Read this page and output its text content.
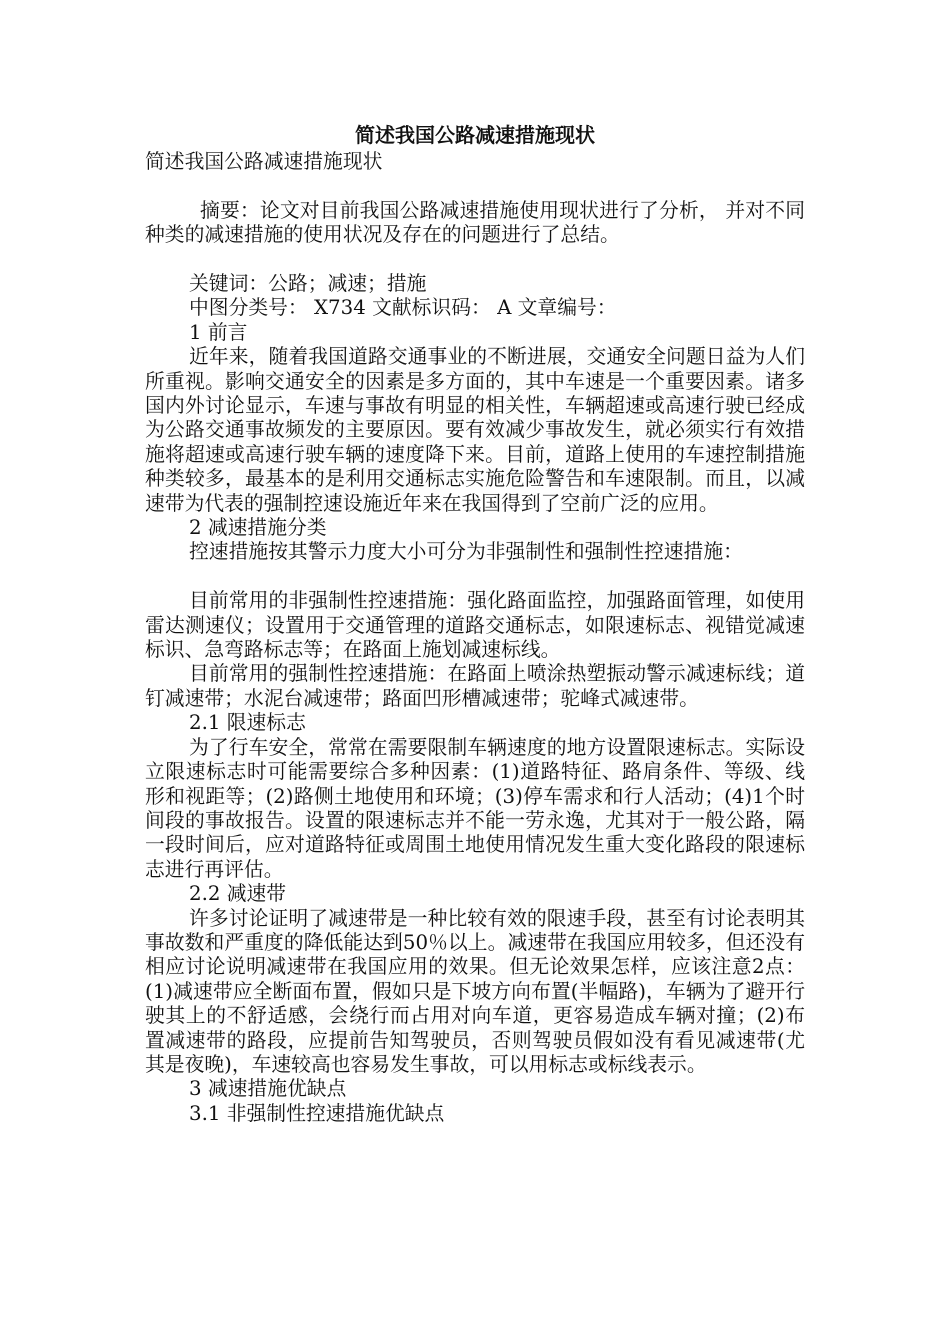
简述我国公路减速措施现状
简述我国公路减速措施现状
摘要：论文对目前我国公路减速措施使用现状进行了分析， 并对不同种类的减速措施的使用状况及存在的问题进行了总结。
关键词：公路；减速；措施
中图分类号： X734 文献标识码： A 文章编号：
1 前言
近年来，随着我国道路交通事业的不断进展，交通安全问题日益为人们所重视。影响交通安全的因素是多方面的，其中车速是一个重要因素。诸多国内外讨论显示，车速与事故有明显的相关性，车辆超速或高速行驶已经成为公路交通事故频发的主要原因。要有效减少事故发生，就必须实行有效措施将超速或高速行驶车辆的速度降下来。目前，道路上使用的车速控制措施种类较多，最基本的是利用交通标志实施危险警告和车速限制。而且，以减速带为代表的强制控速设施近年来在我国得到了空前广泛的应用。
2 减速措施分类
控速措施按其警示力度大小可分为非强制性和强制性控速措施：
目前常用的非强制性控速措施：强化路面监控，加强路面管理，如使用雷达测速仪；设置用于交通管理的道路交通标志，如限速标志、视错觉减速标识、急弯路标志等；在路面上施划减速标线。
目前常用的强制性控速措施：在路面上喷涂热塑振动警示减速标线；道钉减速带；水泥台减速带；路面凹形槽减速带；驼峰式减速带。
2.1 限速标志
为了行车安全，常常在需要限制车辆速度的地方设置限速标志。实际设立限速标志时可能需要综合多种因素：(1)道路特征、路肩条件、等级、线形和视距等；(2)路侧土地使用和环境；(3)停车需求和行人活动；(4)1个时间段的事故报告。设置的限速标志并不能一劳永逸，尤其对于一般公路，隔一段时间后，应对道路特征或周围土地使用情况发生重大变化路段的限速标志进行再评估。
2.2 减速带
许多讨论证明了减速带是一种比较有效的限速手段，甚至有讨论表明其事故数和严重度的降低能达到50％以上。减速带在我国应用较多，但还没有相应讨论说明减速带在我国应用的效果。但无论效果怎样，应该注意2点：(1)减速带应全断面布置，假如只是下坡方向布置(半幅路)，车辆为了避开行驶其上的不舒适感，会绕行而占用对向车道，更容易造成车辆对撞；(2)布置减速带的路段，应提前告知驾驶员，否则驾驶员假如没有看见减速带(尤其是夜晚)，车速较高也容易发生事故，可以用标志或标线表示。
3 减速措施优缺点
3.1 非强制性控速措施优缺点
